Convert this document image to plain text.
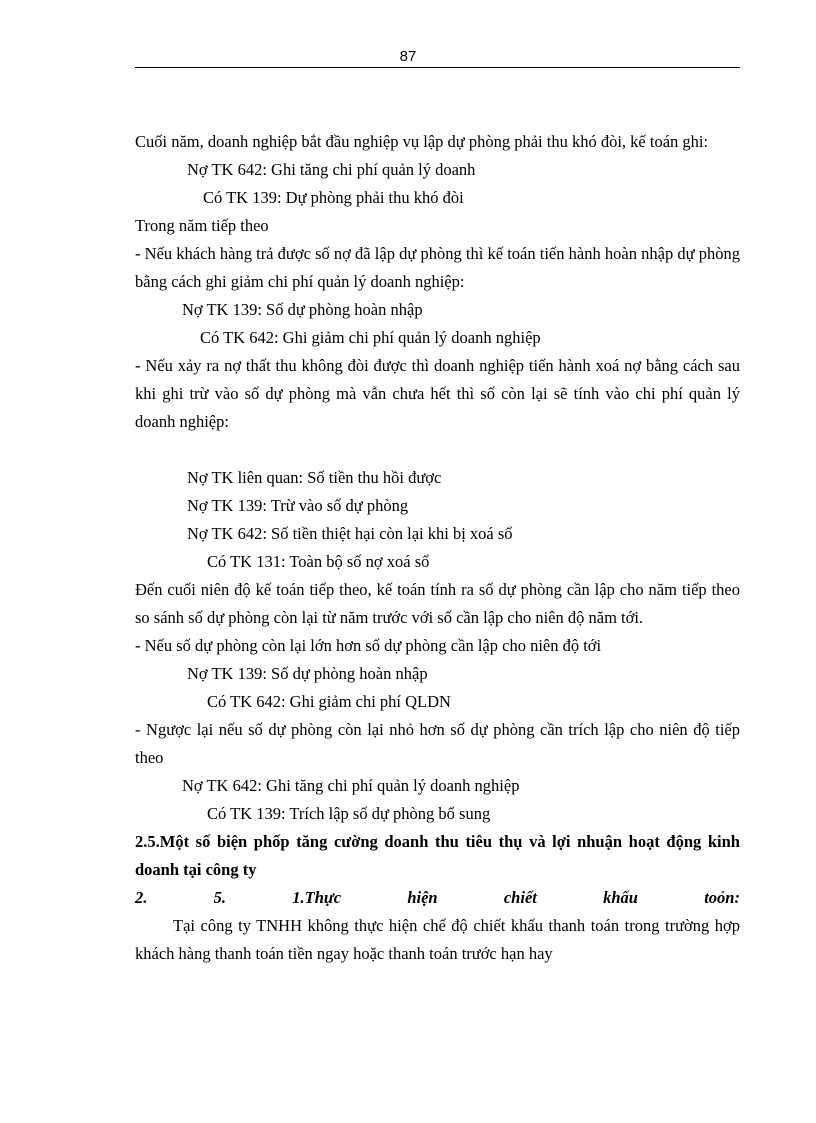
87

Cuối năm, doanh nghiệp bắt đầu nghiệp vụ lập dự phòng phải thu khó đòi, kế toán ghi:

Nợ TK 642: Ghi tăng chi phí quản lý doanh

Có TK 139: Dự phòng phải thu khó đòi

Trong năm tiếp theo

- Nếu khách hàng trả được số nợ đã lập dự phòng thì kế toán tiến hành hoàn nhập dự phòng bằng cách ghi giảm chi phí quản lý doanh nghiệp:

Nợ TK 139: Số dự phòng hoàn nhập

Có TK 642: Ghi giảm chi phí quản lý doanh nghiệp

- Nếu xảy ra nợ thất thu không đòi được thì doanh nghiệp tiến hành xoá nợ bằng cách sau khi ghi trừ vào số dự phòng mà vẫn chưa hết thì số còn lại sẽ tính vào chi phí quản lý doanh nghiệp:

Nợ TK liên quan: Số tiền thu hồi được

Nợ TK 139: Trừ vào số dự phòng

Nợ TK 642: Số tiền thiệt hại còn lại khi bị xoá sổ

Có TK 131: Toàn bộ số nợ xoá sổ

Đến cuối niên độ kế toán tiếp theo, kế toán tính ra số dự phòng cần lập cho năm tiếp theo so sánh số dự phòng còn lại từ năm trước với số cần lập cho niên độ năm tới.

- Nếu số dự phòng còn lại lớn hơn số dự phòng cần lập cho niên độ tới

Nợ TK 139: Số dự phòng hoàn nhập

Có TK 642: Ghi giảm chi phí QLDN

- Ngược lại nếu số dự phòng còn lại nhỏ hơn số dự phòng cần trích lập cho niên độ tiếp theo

Nợ TK 642: Ghi tăng chi phí quản lý doanh nghiệp

Có TK 139: Trích lập số dự phòng bổ sung

2.5.Một số biện phốp tăng cường doanh thu tiêu thụ và lợi nhuận hoạt động kinh doanh tại công ty

2.	5.	1.Thực	hiện	chiết	khấu	toỏn:

Tại công ty TNHH không thực hiện chế độ chiết khấu thanh toán trong trường hợp khách hàng thanh toán tiền ngay hoặc thanh toán trước hạn hay
